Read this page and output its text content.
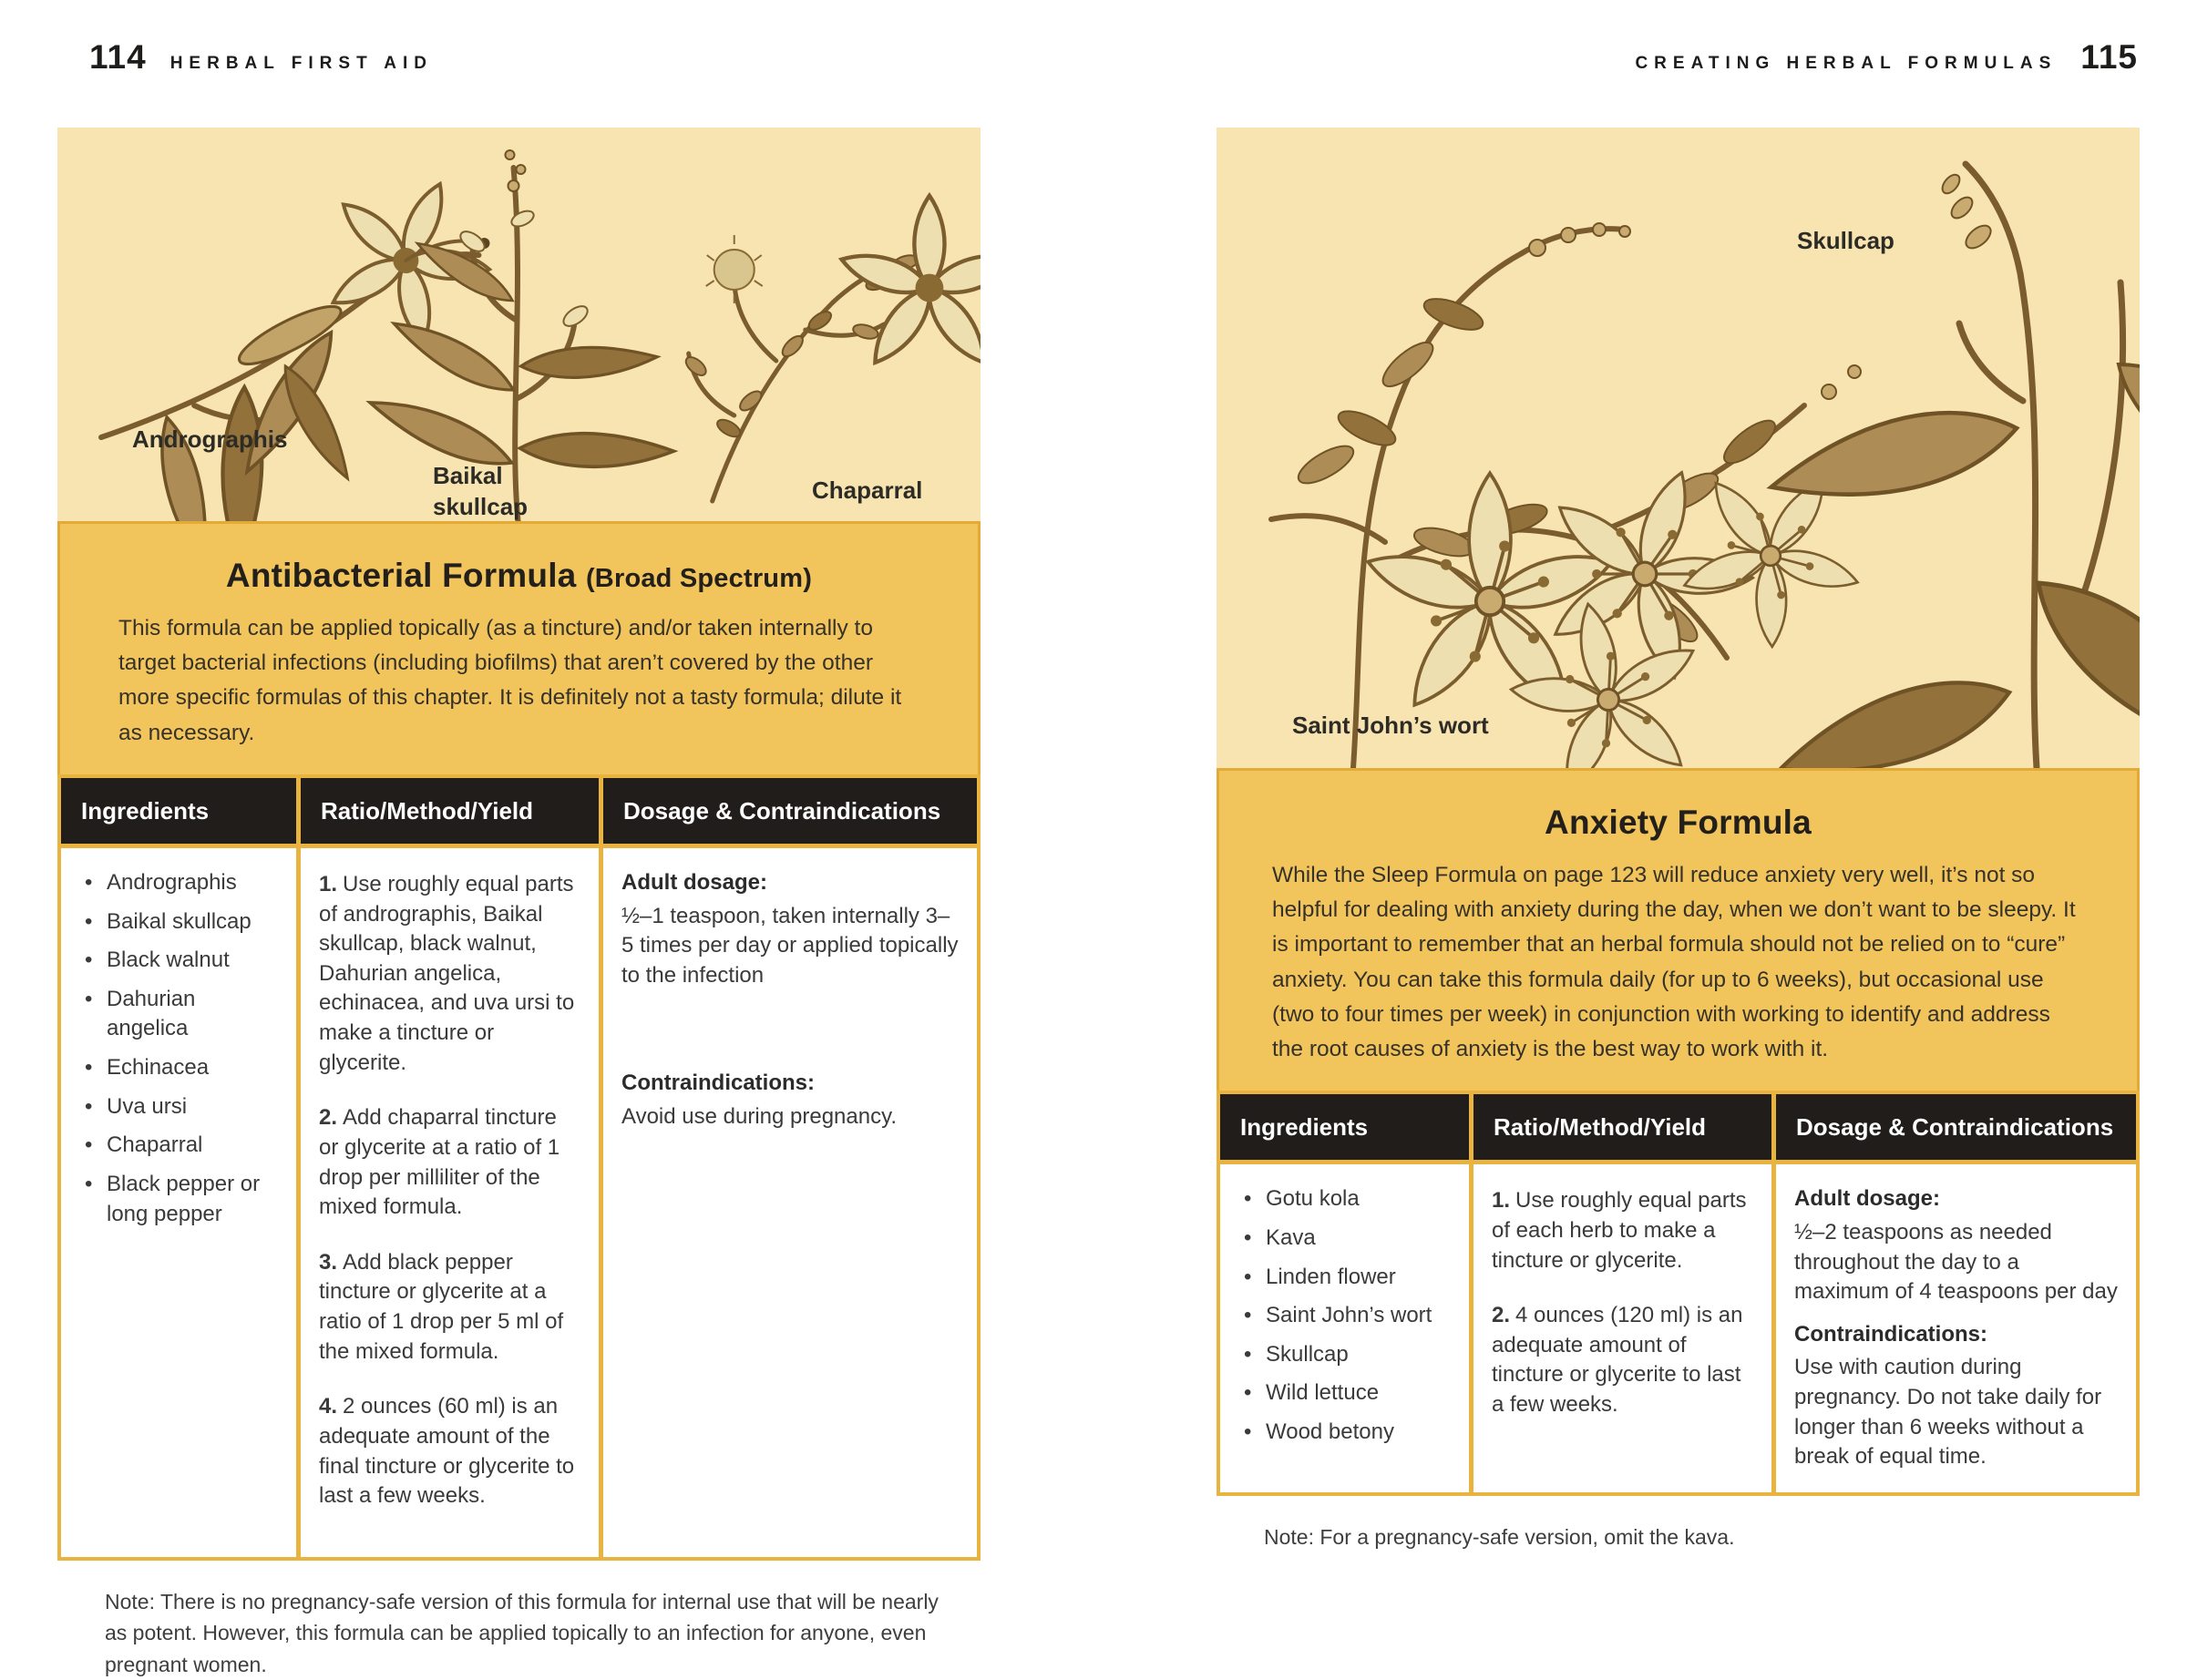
114 HERBAL FIRST AID	CREATING HERBAL FORMULAS 115
Andrographis
Baikal skullcap
Chaparral
Antibacterial Formula (Broad Spectrum)

This formula can be applied topically (as a tincture) and/or taken internally to target bacterial infections (including biofilms) that aren’t covered by the other more specific formulas of this chapter. It is definitely not a tasty formula; dilute it as necessary.

Ingredients	Ratio/Method/Yield	Dosage & Contraindications
• Andrographis
• Baikal skullcap
• Black walnut
• Dahurian angelica
• Echinacea
• Uva ursi
• Chaparral
• Black pepper or long pepper

1. Use roughly equal parts of andrographis, Baikal skullcap, black walnut, Dahurian angelica, echinacea, and uva ursi to make a tincture or glycerite.

2. Add chaparral tincture or glycerite at a ratio of 1 drop per milliliter of the mixed formula.

3. Add black pepper tincture or glycerite at a ratio of 1 drop per 5 ml of the mixed formula.

4. 2 ounces (60 ml) is an adequate amount of the final tincture or glycerite to last a few weeks.

Adult dosage:

½–1 teaspoon, taken internally 3–5 times per day or applied topically to the infection

Contraindications:

Avoid use during pregnancy.

Note: There is no pregnancy-safe version of this formula for internal use that will be nearly as potent. However, this formula can be applied topically to an infection for anyone, even pregnant women.

Skullcap
Saint John’s wort
Anxiety Formula

While the Sleep Formula on page 123 will reduce anxiety very well, it’s not so helpful for dealing with anxiety during the day, when we don’t want to be sleepy. It is important to remember that an herbal formula should not be relied on to “cure” anxiety. You can take this formula daily (for up to 6 weeks), but occasional use (two to four times per week) in conjunction with working to identify and address the root causes of anxiety is the best way to work with it.

Ingredients	Ratio/Method/Yield	Dosage & Contraindications
• Gotu kola
• Kava
• Linden flower
• Saint John’s wort
• Skullcap
• Wild lettuce
• Wood betony

1. Use roughly equal parts of each herb to make a tincture or glycerite.

2. 4 ounces (120 ml) is an adequate amount of tincture or glycerite to last a few weeks.

Adult dosage:

½–2 teaspoons as needed throughout the day to a maximum of 4 teaspoons per day

Contraindications:

Use with caution during pregnancy. Do not take daily for longer than 6 weeks without a break of equal time.

Note: For a pregnancy-safe version, omit the kava.
